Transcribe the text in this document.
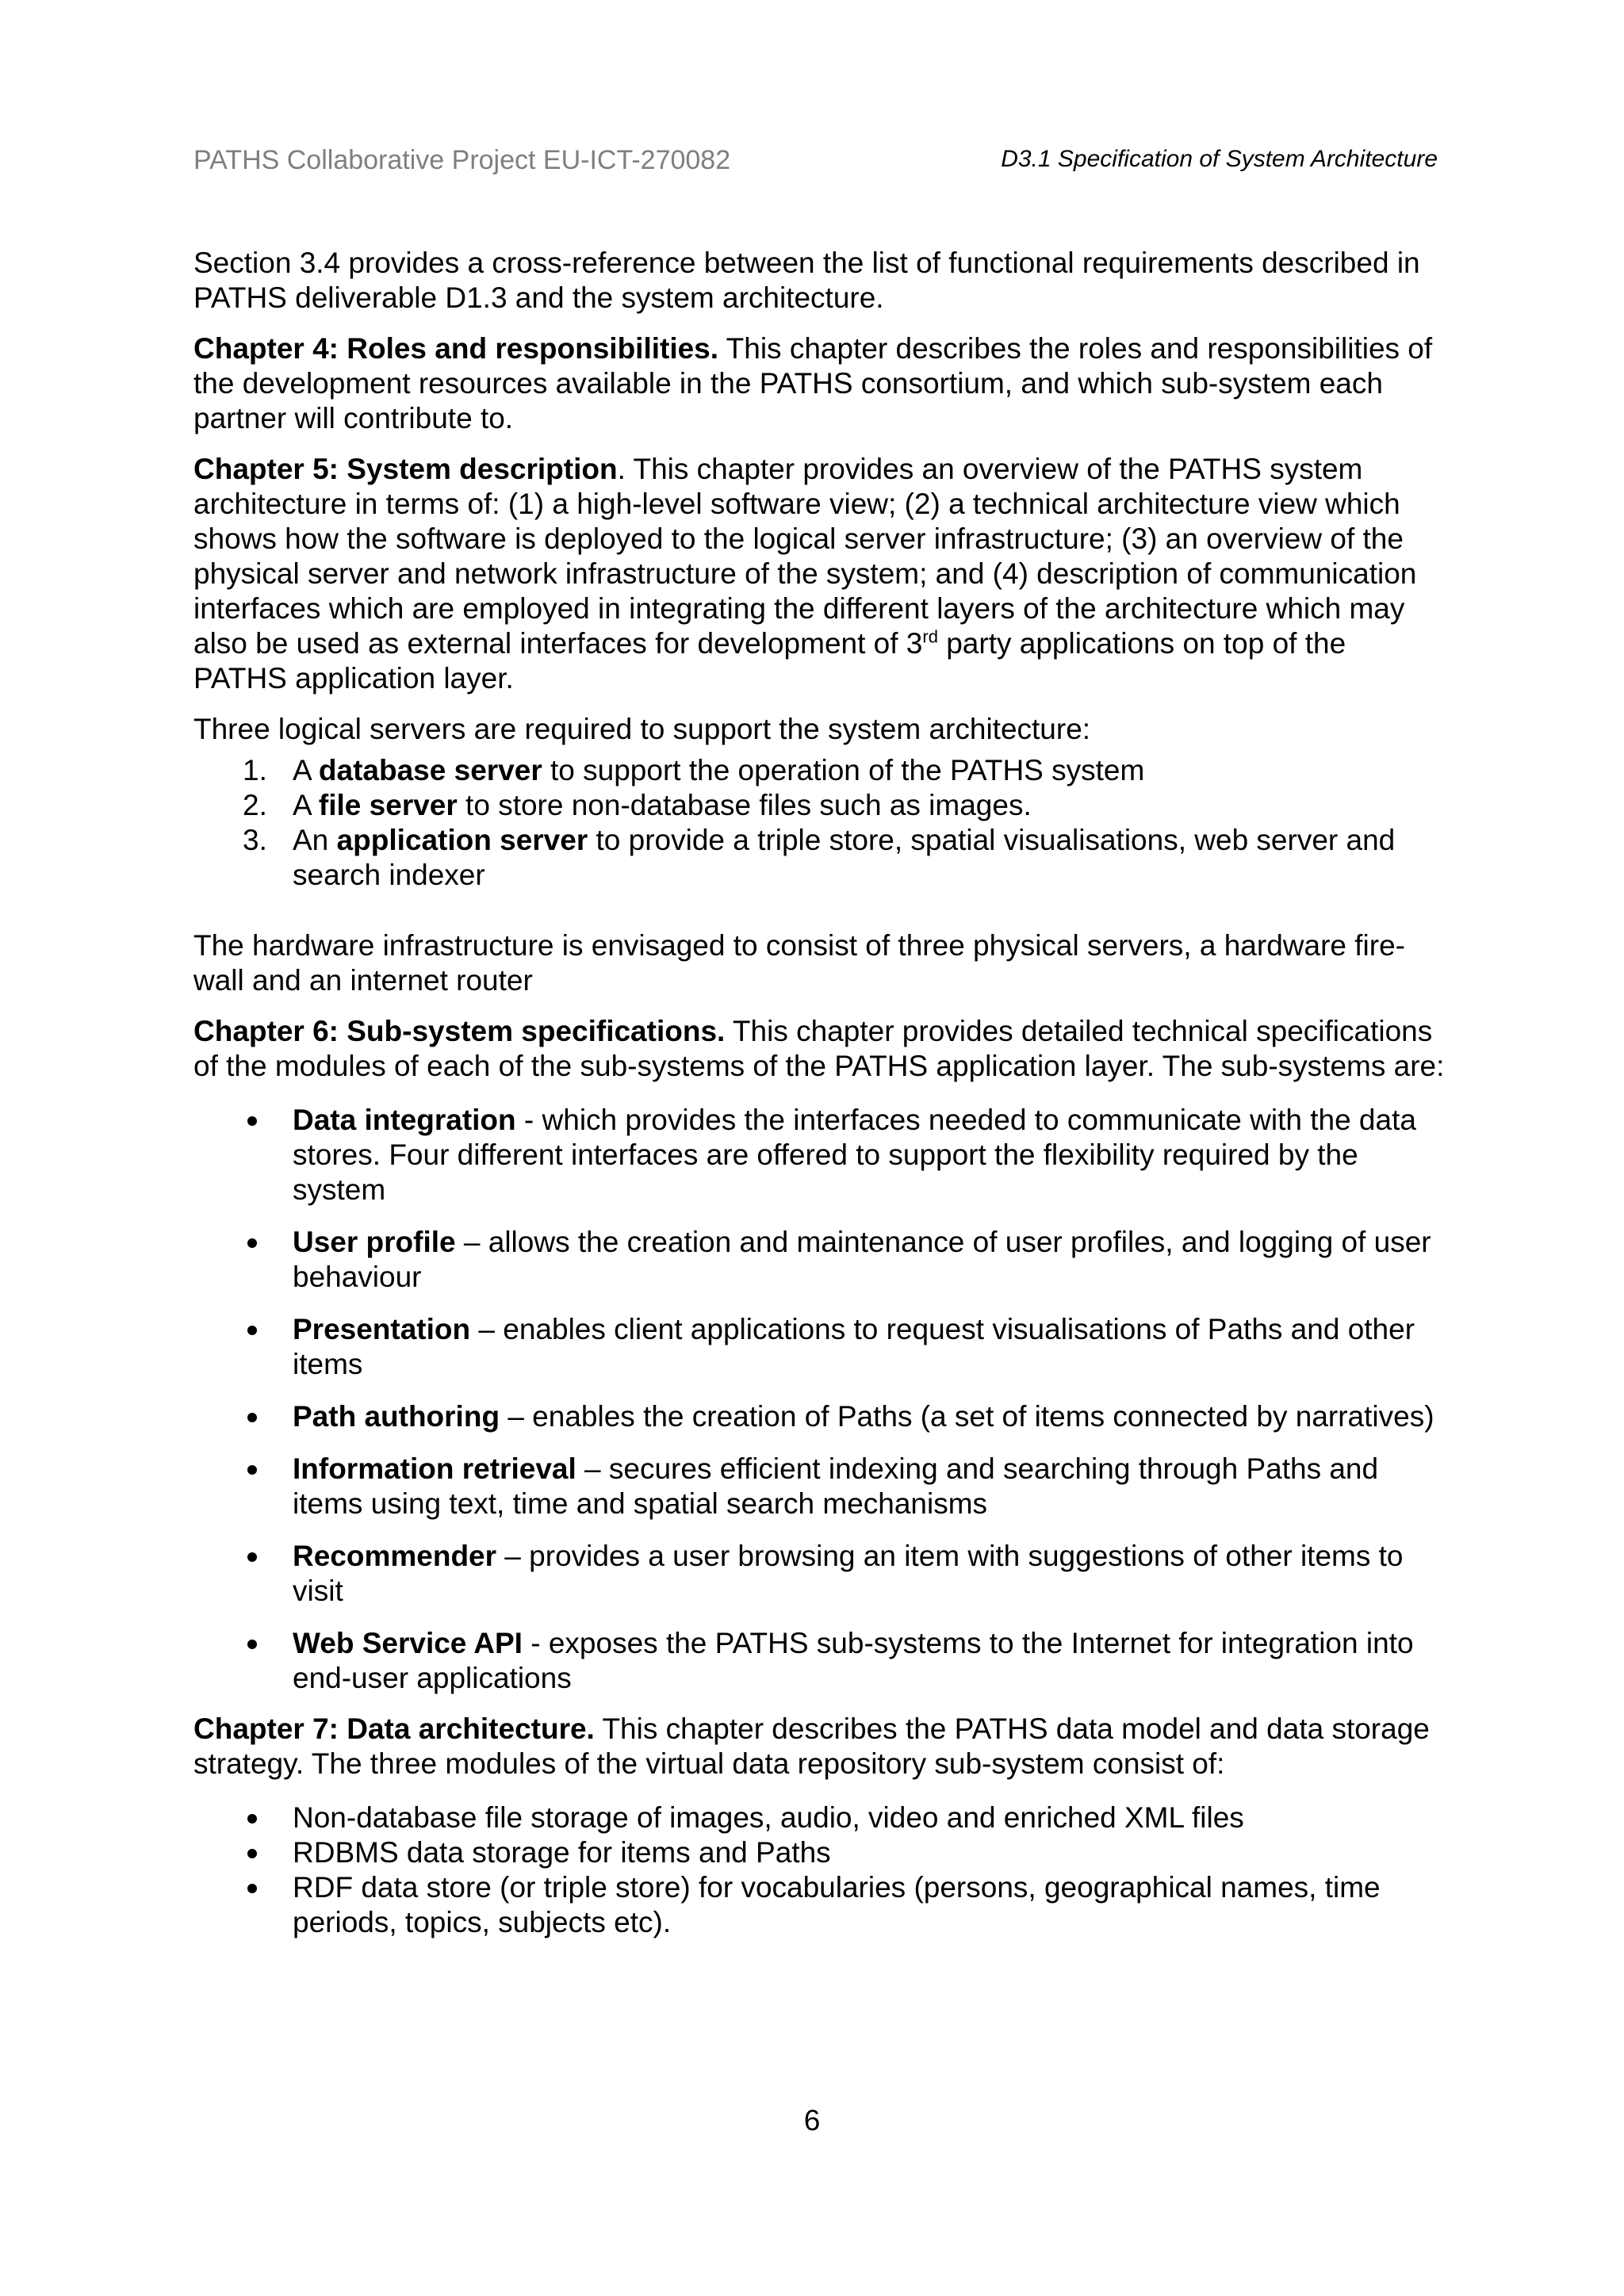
PATHS Collaborative Project EU-ICT-270082	D3.1 Specification of System Architecture

Section 3.4 provides a cross-reference between the list of functional requirements described in PATHS deliverable D1.3 and the system architecture.

Chapter 4: Roles and responsibilities. This chapter describes the roles and responsibilities of the development resources available in the PATHS consortium, and which sub-system each partner will contribute to.

Chapter 5: System description. This chapter provides an overview of the PATHS system architecture in terms of: (1) a high-level software view; (2) a technical architecture view which shows how the software is deployed to the logical server infrastructure; (3) an overview of the physical server and network infrastructure of the system; and (4) description of communication interfaces which are employed in integrating the different layers of the architecture which may also be used as external interfaces for development of 3rd party applications on top of the PATHS application layer.

Three logical servers are required to support the system architecture:

1. A database server to support the operation of the PATHS system
2. A file server to store non-database files such as images.
3. An application server to provide a triple store, spatial visualisations, web server and search indexer

The hardware infrastructure is envisaged to consist of three physical servers, a hardware fire-wall and an internet router

Chapter 6: Sub-system specifications. This chapter provides detailed technical specifications of the modules of each of the sub-systems of the PATHS application layer. The sub-systems are:

Data integration - which provides the interfaces needed to communicate with the data stores. Four different interfaces are offered to support the flexibility required by the system
User profile – allows the creation and maintenance of user profiles, and logging of user behaviour
Presentation – enables client applications to request visualisations of Paths and other items
Path authoring – enables the creation of Paths (a set of items connected by narratives)
Information retrieval – secures efficient indexing and searching through Paths and items using text, time and spatial search mechanisms
Recommender – provides a user browsing an item with suggestions of other items to visit
Web Service API - exposes the PATHS sub-systems to the Internet for integration into end-user applications

Chapter 7: Data architecture. This chapter describes the PATHS data model and data storage strategy. The three modules of the virtual data repository sub-system consist of:

Non-database file storage of images, audio, video and enriched XML files
RDBMS data storage for items and Paths
RDF data store (or triple store) for vocabularies (persons, geographical names, time periods, topics, subjects etc).
6
